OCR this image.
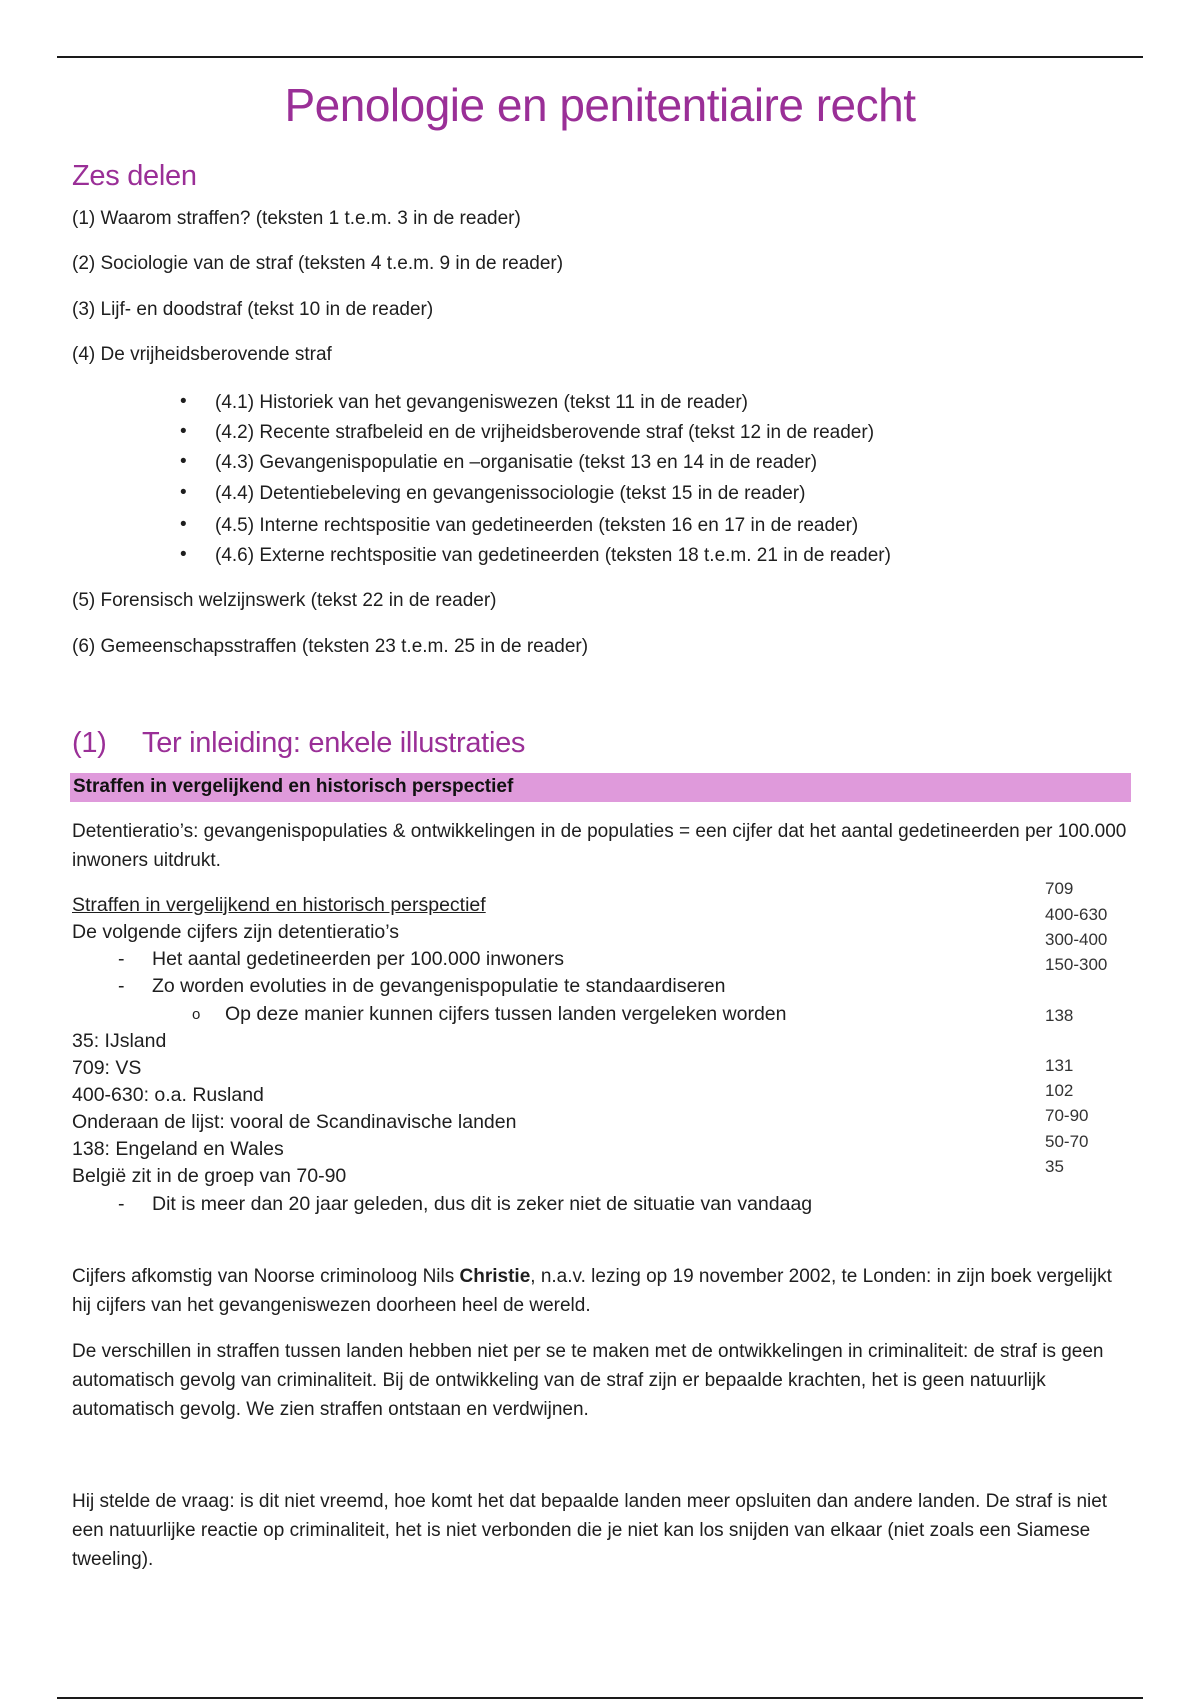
Penologie en penitentiaire recht
Zes delen
(1) Waarom straffen? (teksten 1 t.e.m. 3 in de reader)
(2) Sociologie van de straf (teksten 4 t.e.m. 9 in de reader)
(3) Lijf- en doodstraf (tekst 10 in de reader)
(4) De vrijheidsberovende straf
• (4.1) Historiek van het gevangeniswezen (tekst 11 in de reader)
• (4.2) Recente strafbeleid en de vrijheidsberovende straf (tekst 12 in de reader)
• (4.3) Gevangenispopulatie en –organisatie (tekst 13 en 14 in de reader)
• (4.4) Detentiebeleving en gevangenissociologie (tekst 15 in de reader)
• (4.5) Interne rechtspositie van gedetineerden (teksten 16 en 17 in de reader)
• (4.6) Externe rechtspositie van gedetineerden (teksten 18 t.e.m. 21 in de reader)
(5) Forensisch welzijnswerk (tekst 22 in de reader)
(6) Gemeenschapsstraffen (teksten 23 t.e.m. 25 in de reader)
(1) Ter inleiding: enkele illustraties
Straffen in vergelijkend en historisch perspectief
Detentieratio’s: gevangenispopulaties & ontwikkelingen in de populaties = een cijfer dat het aantal gedetineerden per 100.000 inwoners uitdrukt.
Straffen in vergelijkend en historisch perspectief
De volgende cijfers zijn detentieratio’s
- Het aantal gedetineerden per 100.000 inwoners
- Zo worden evoluties in de gevangenispopulatie te standaardiseren
o Op deze manier kunnen cijfers tussen landen vergeleken worden
35: IJsland
709: VS
400-630: o.a. Rusland
Onderaan de lijst: vooral de Scandinavische landen
138: Engeland en Wales
België zit in de groep van 70-90
- Dit is meer dan 20 jaar geleden, dus dit is zeker niet de situatie van vandaag
709
400-630
300-400
150-300
138
131
102
70-90
50-70
35
Cijfers afkomstig van Noorse criminoloog Nils Christie, n.a.v. lezing op 19 november 2002, te Londen: in zijn boek vergelijkt hij cijfers van het gevangeniswezen doorheen heel de wereld.
De verschillen in straffen tussen landen hebben niet per se te maken met de ontwikkelingen in criminaliteit: de straf is geen automatisch gevolg van criminaliteit. Bij de ontwikkeling van de straf zijn er bepaalde krachten, het is geen natuurlijk automatisch gevolg. We zien straffen ontstaan en verdwijnen.
Hij stelde de vraag: is dit niet vreemd, hoe komt het dat bepaalde landen meer opsluiten dan andere landen. De straf is niet een natuurlijke reactie op criminaliteit, het is niet verbonden die je niet kan los snijden van elkaar (niet zoals een Siamese tweeling).
